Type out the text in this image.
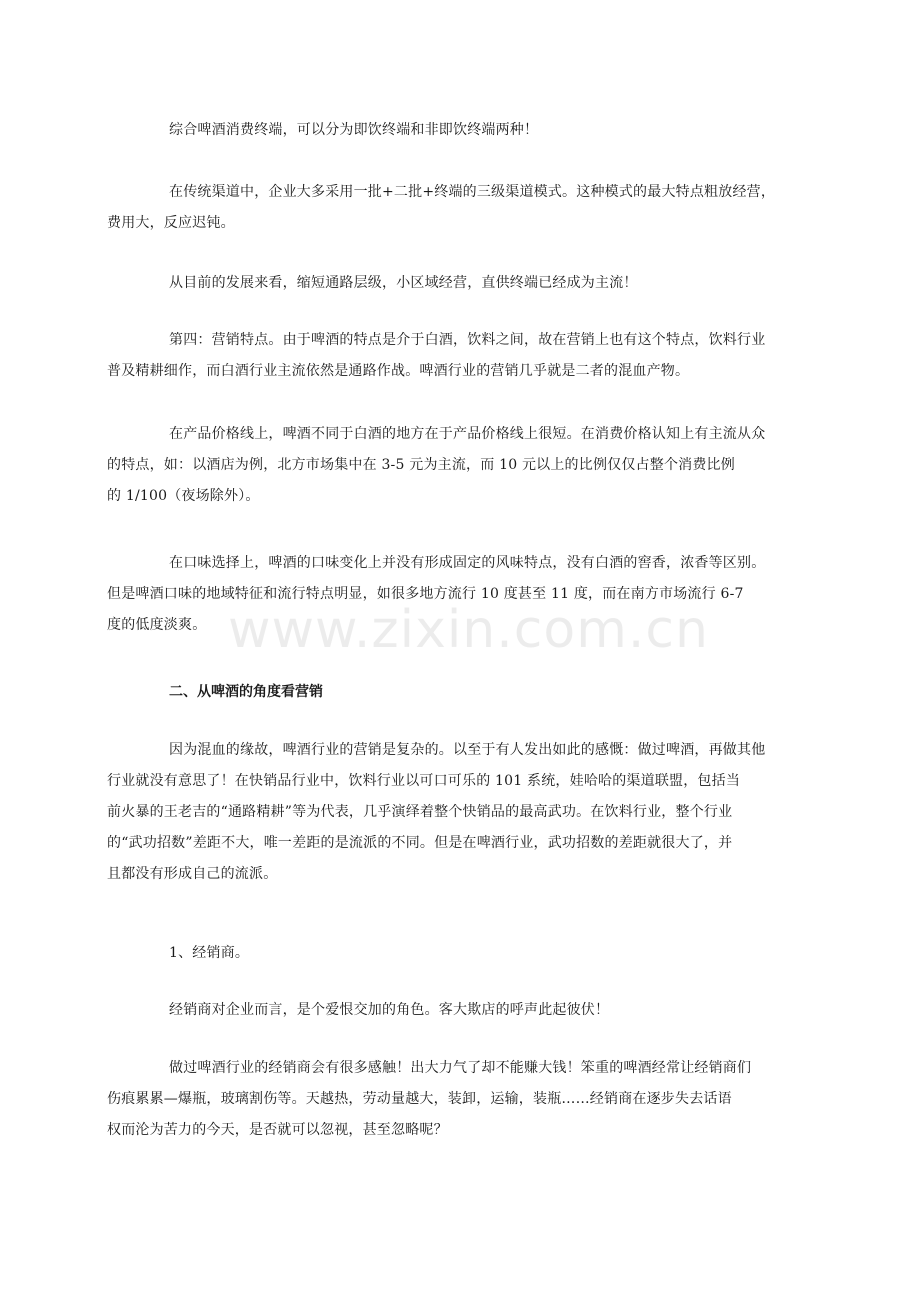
综合啤酒消费终端，可以分为即饮终端和非即饮终端两种！

在传统渠道中，企业大多采用一批+二批+终端的三级渠道模式。这种模式的最大特点粗放经营，
费用大，反应迟钝。

从目前的发展来看，缩短通路层级，小区域经营，直供终端已经成为主流！

第四：营销特点。由于啤酒的特点是介于白酒，饮料之间，故在营销上也有这个特点，饮料行业
普及精耕细作，而白酒行业主流依然是通路作战。啤酒行业的营销几乎就是二者的混血产物。

在产品价格线上，啤酒不同于白酒的地方在于产品价格线上很短。在消费价格认知上有主流从众
的特点，如：以酒店为例，北方市场集中在 3-5 元为主流，而 10 元以上的比例仅仅占整个消费比例
的 1/100（夜场除外）。

在口味选择上，啤酒的口味变化上并没有形成固定的风味特点，没有白酒的窖香，浓香等区别。
但是啤酒口味的地域特征和流行特点明显，如很多地方流行 10 度甚至 11 度，而在南方市场流行 6-7
度的低度淡爽。

二、从啤酒的角度看营销

因为混血的缘故，啤酒行业的营销是复杂的。以至于有人发出如此的感慨：做过啤酒，再做其他
行业就没有意思了！在快销品行业中，饮料行业以可口可乐的 101 系统，娃哈哈的渠道联盟，包括当
前火暴的王老吉的“通路精耕”等为代表，几乎演绎着整个快销品的最高武功。在饮料行业，整个行业
的“武功招数”差距不大，唯一差距的是流派的不同。但是在啤酒行业，武功招数的差距就很大了，并
且都没有形成自己的流派。

1、经销商。

经销商对企业而言，是个爱恨交加的角色。客大欺店的呼声此起彼伏！

做过啤酒行业的经销商会有很多感触！出大力气了却不能赚大钱！笨重的啤酒经常让经销商们
伤痕累累—爆瓶，玻璃割伤等。天越热，劳动量越大，装卸，运输，装瓶……经销商在逐步失去话语
权而沦为苦力的今天，是否就可以忽视，甚至忽略呢？

www.zixin.com.cn
